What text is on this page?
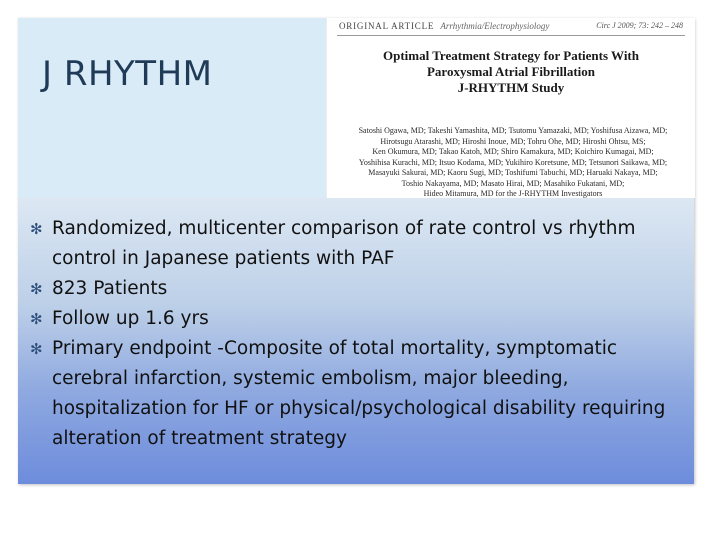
J RHYTHM
ORIGINAL ARTICLE Arrhythmia/Electrophysiology	Circ J 2009; 73: 242 – 248
Optimal Treatment Strategy for Patients With
Paroxysmal Atrial Fibrillation
J-RHYTHM Study
Satoshi Ogawa, MD; Takeshi Yamashita, MD; Tsutomu Yamazaki, MD; Yoshifusa Aizawa, MD;
Hirotsugu Atarashi, MD; Hiroshi Inoue, MD; Tohru Ohe, MD; Hiroshi Ohtsu, MS;
Ken Okumura, MD; Takao Katoh, MD; Shiro Kamakura, MD; Koichiro Kumagai, MD;
Yoshihisa Kurachi, MD; Itsuo Kodama, MD; Yukihiro Koretsune, MD; Tetsunori Saikawa, MD;
Masayuki Sakurai, MD; Kaoru Sugi, MD; Toshifumi Tabuchi, MD; Haruaki Nakaya, MD;
Toshio Nakayama, MD; Masato Hirai, MD; Masahiko Fukatani, MD;
Hideo Mitamura, MD for the J-RHYTHM Investigators
✻ Randomized, multicenter comparison of rate control vs rhythm control in Japanese patients with PAF
✻ 823 Patients
✻ Follow up 1.6 yrs
✻ Primary endpoint -Composite of total mortality, symptomatic cerebral infarction, systemic embolism, major bleeding, hospitalization for HF or physical/psychological disability requiring alteration of treatment strategy
